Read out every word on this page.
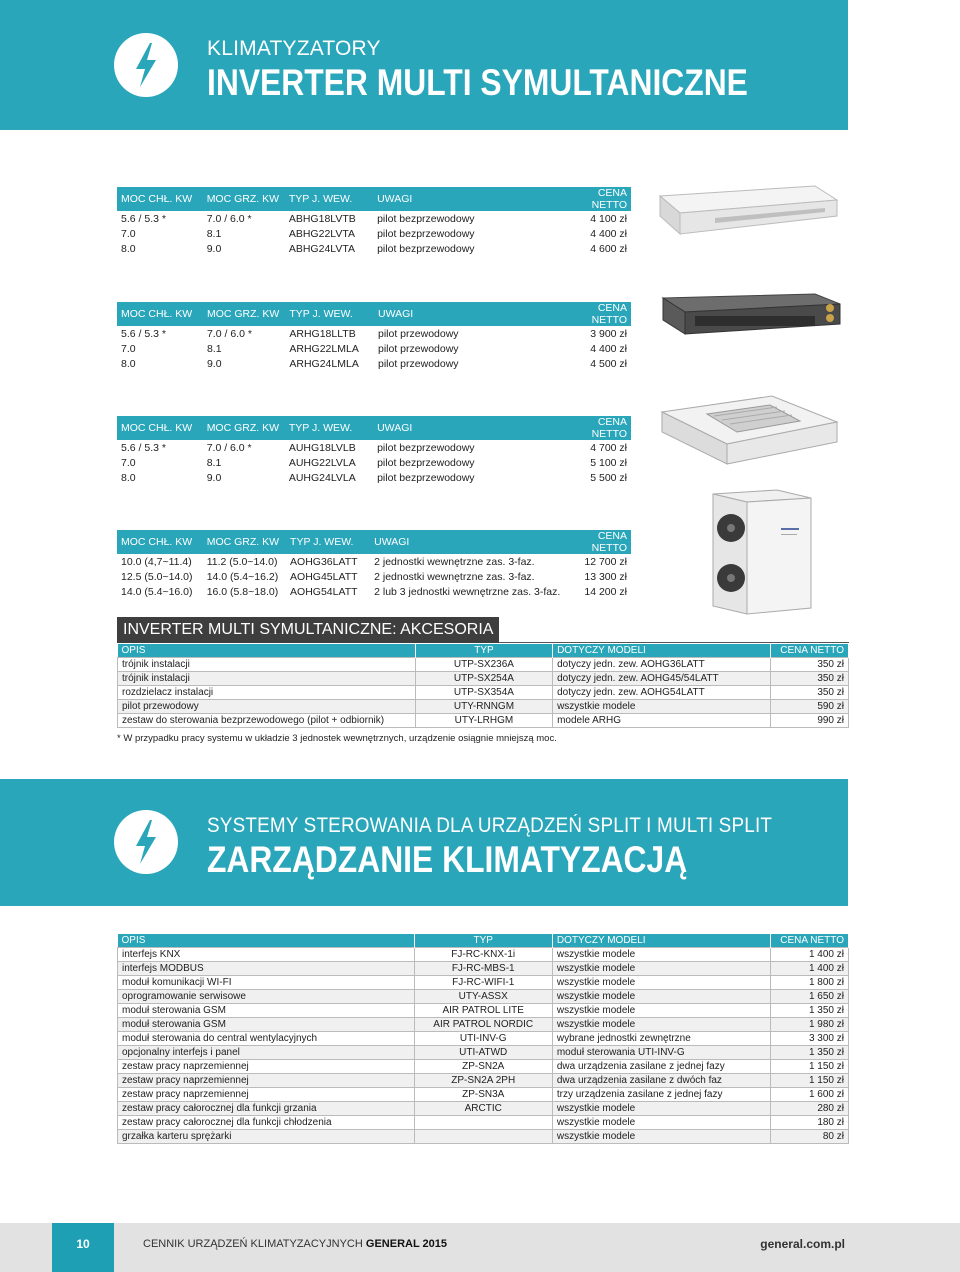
KLIMATYZATORY
INVERTER MULTI SYMULTANICZNE
MOC CHŁ. KW	MOC GRZ. KW	TYP J. WEW.	UWAGI	CENA NETTO
5.6 / 5.3 *	7.0 / 6.0 *	ABHG18LVTB	pilot bezprzewodowy	4 100 zł
7.0	8.1	ABHG22LVTA	pilot bezprzewodowy	4 400 zł
8.0	9.0	ABHG24LVTA	pilot bezprzewodowy	4 600 zł
MOC CHŁ. KW	MOC GRZ. KW	TYP J. WEW.	UWAGI	CENA NETTO
5.6 / 5.3 *	7.0 / 6.0 *	ARHG18LLTB	pilot przewodowy	3 900 zł
7.0	8.1	ARHG22LMLA	pilot przewodowy	4 400 zł
8.0	9.0	ARHG24LMLA	pilot przewodowy	4 500 zł
MOC CHŁ. KW	MOC GRZ. KW	TYP J. WEW.	UWAGI	CENA NETTO
5.6 / 5.3 *	7.0 / 6.0 *	AUHG18LVLB	pilot bezprzewodowy	4 700 zł
7.0	8.1	AUHG22LVLA	pilot bezprzewodowy	5 100 zł
8.0	9.0	AUHG24LVLA	pilot bezprzewodowy	5 500 zł
MOC CHŁ. KW	MOC GRZ. KW	TYP J. WEW.	UWAGI	CENA NETTO
10.0 (4,7~11.4)	11.2 (5.0~14.0)	AOHG36LATT	2 jednostki wewnętrzne zas. 3-faz.	12 700 zł
12.5 (5.0~14.0)	14.0 (5.4~16.2)	AOHG45LATT	2 jednostki wewnętrzne zas. 3-faz.	13 300 zł
14.0 (5.4~16.0)	16.0 (5.8~18.0)	AOHG54LATT	2 lub 3 jednostki wewnętrzne zas. 3-faz.	14 200 zł
INVERTER MULTI SYMULTANICZNE: AKCESORIA
OPIS	TYP	DOTYCZY MODELI	CENA NETTO
trójnik instalacji	UTP-SX236A	dotyczy jedn. zew. AOHG36LATT	350 zł
trójnik instalacji	UTP-SX254A	dotyczy jedn. zew. AOHG45/54LATT	350 zł
rozdzielacz instalacji	UTP-SX354A	dotyczy jedn. zew. AOHG54LATT	350 zł
pilot przewodowy	UTY-RNNGM	wszystkie modele	590 zł
zestaw do sterowania bezprzewodowego (pilot + odbiornik)	UTY-LRHGM	modele ARHG	990 zł
* W przypadku pracy systemu w układzie 3 jednostek wewnętrznych, urządzenie osiągnie mniejszą moc.
SYSTEMY STEROWANIA DLA URZĄDZEŃ SPLIT I MULTI SPLIT
ZARZĄDZANIE KLIMATYZACJĄ
OPIS	TYP	DOTYCZY MODELI	CENA NETTO
interfejs KNX	FJ-RC-KNX-1i	wszystkie modele	1 400 zł
interfejs MODBUS	FJ-RC-MBS-1	wszystkie modele	1 400 zł
moduł komunikacji WI-FI	FJ-RC-WIFI-1	wszystkie modele	1 800 zł
oprogramowanie serwisowe	UTY-ASSX	wszystkie modele	1 650 zł
moduł sterowania GSM	AIR PATROL LITE	wszystkie modele	1 350 zł
moduł sterowania GSM	AIR PATROL NORDIC	wszystkie modele	1 980 zł
moduł sterowania do central wentylacyjnych	UTI-INV-G	wybrane jednostki zewnętrzne	3 300 zł
opcjonalny interfejs i panel	UTI-ATWD	moduł sterowania UTI-INV-G	1 350 zł
zestaw pracy naprzemiennej	ZP-SN2A	dwa urządzenia zasilane z jednej fazy	1 150 zł
zestaw pracy naprzemiennej	ZP-SN2A 2PH	dwa urządzenia zasilane z dwóch faz	1 150 zł
zestaw pracy naprzemiennej	ZP-SN3A	trzy urządzenia zasilane z jednej fazy	1 600 zł
zestaw pracy całorocznej dla funkcji grzania	ARCTIC	wszystkie modele	280 zł
zestaw pracy całorocznej dla funkcji chłodzenia		wszystkie modele	180 zł
grzałka karteru sprężarki		wszystkie modele	80 zł
10	CENNIK URZĄDZEŃ KLIMATYZACYJNYCH GENERAL 2015	general.com.pl
